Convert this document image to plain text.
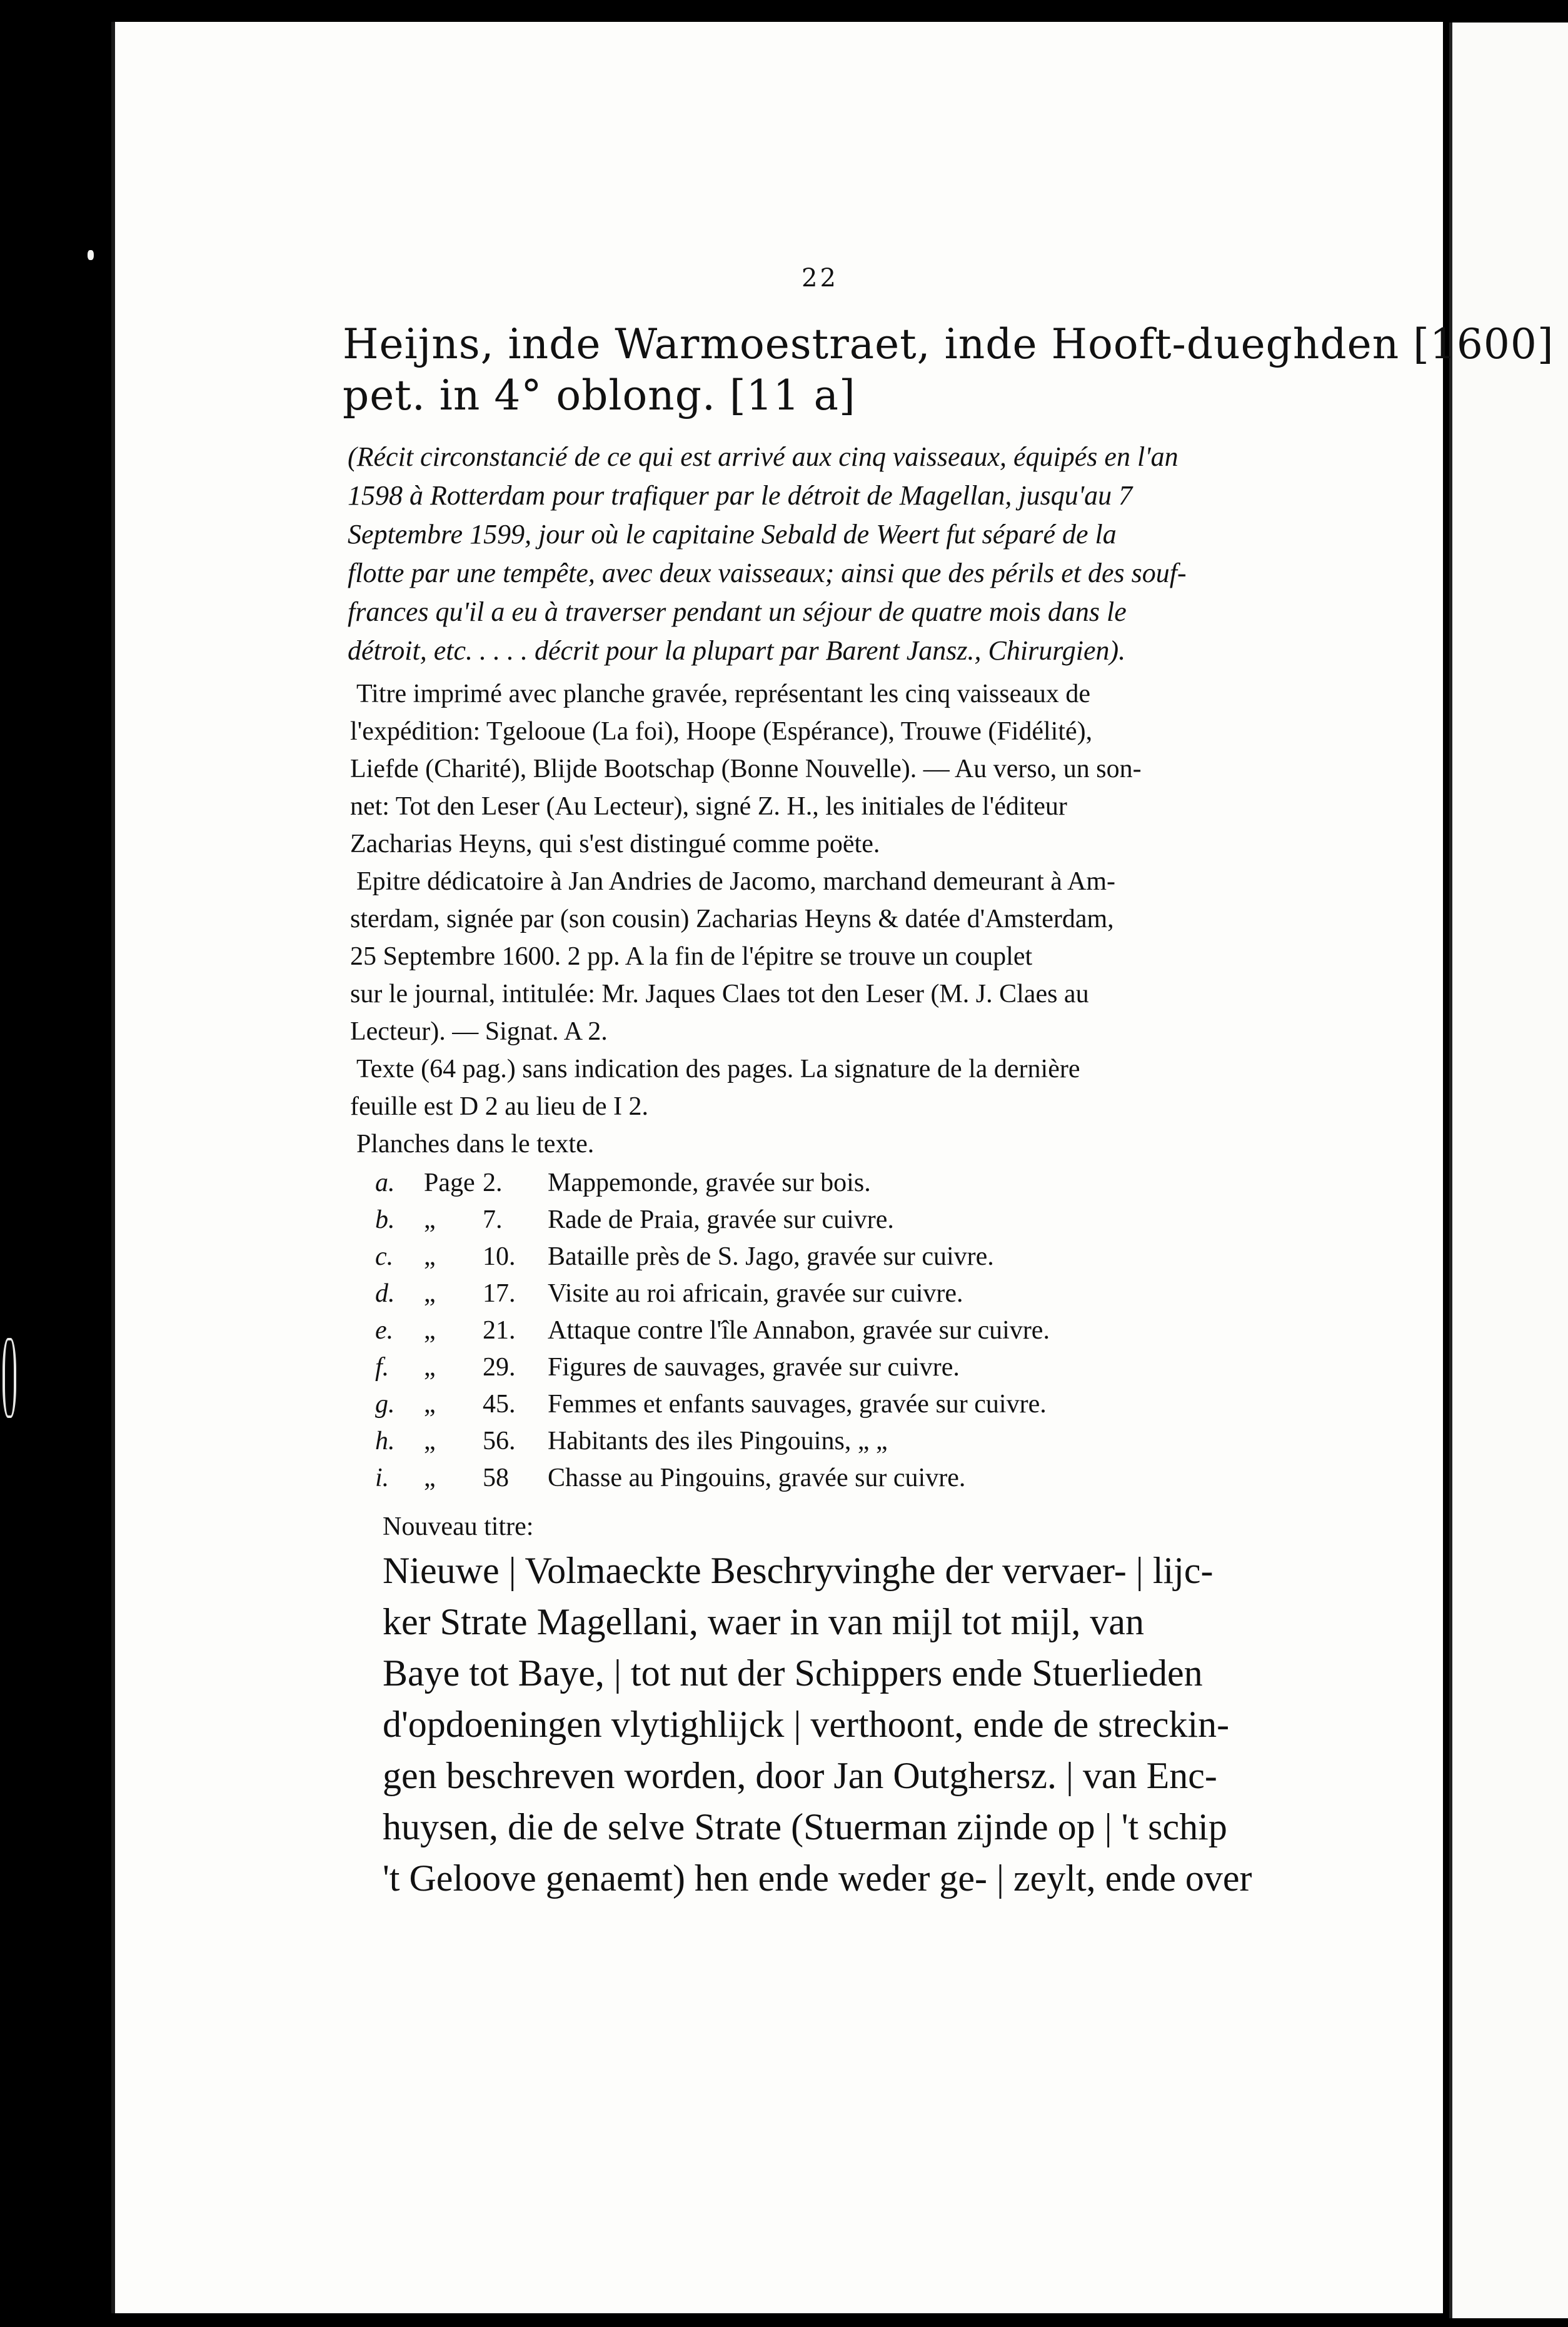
22
Heijns, inde Warmoestraet, inde Hooft-dueghden [1600]
pet. in 4° oblong. [11 a]
(Récit circonstancié de ce qui est arrivé aux cinq vaisseaux, équipés en l'an
1598 à Rotterdam pour trafiquer par le détroit de Magellan, jusqu'au 7
Septembre 1599, jour où le capitaine Sebald de Weert fut séparé de la
flotte par une tempête, avec deux vaisseaux; ainsi que des périls et des souf-
frances qu'il a eu à traverser pendant un séjour de quatre mois dans le
détroit, etc. . . . . décrit pour la plupart par Barent Jansz., Chirurgien).
Titre imprimé avec planche gravée, représentant les cinq vaisseaux de
l'expédition: Tgelooue (La foi), Hoope (Espérance), Trouwe (Fidélité),
Liefde (Charité), Blijde Bootschap (Bonne Nouvelle). — Au verso, un son-
net: Tot den Leser (Au Lecteur), signé Z. H., les initiales de l'éditeur
Zacharias Heyns, qui s'est distingué comme poëte.
Epitre dédicatoire à Jan Andries de Jacomo, marchand demeurant à Am-
sterdam, signée par (son cousin) Zacharias Heyns & datée d'Amsterdam,
25 Septembre 1600. 2 pp. A la fin de l'épitre se trouve un couplet
sur le journal, intitulée: Mr. Jaques Claes tot den Leser (M. J. Claes au
Lecteur). — Signat. A 2.
Texte (64 pag.) sans indication des pages. La signature de la dernière
feuille est D 2 au lieu de I 2.
Planches dans le texte.
a. Page 2. Mappemonde, gravée sur bois.
b. „ 7. Rade de Praia, gravée sur cuivre.
c. „ 10. Bataille près de S. Jago, gravée sur cuivre.
d. „ 17. Visite au roi africain, gravée sur cuivre.
e. „ 21. Attaque contre l'île Annabon, gravée sur cuivre.
f. „ 29. Figures de sauvages, gravée sur cuivre.
g. „ 45. Femmes et enfants sauvages, gravée sur cuivre.
h. „ 56. Habitants des iles Pingouins, „ „
i. „ 58 Chasse au Pingouins, gravée sur cuivre.
Nouveau titre:
Nieuwe | Volmaeckte Beschryvinghe der vervaer- | lijc-
ker Strate Magellani, waer in van mijl tot mijl, van
Baye tot Baye, | tot nut der Schippers ende Stuerlieden
d'opdoeningen vlytighlijck | verthoont, ende de streckin-
gen beschreven worden, door Jan Outghersz. | van Enc-
huysen, die de selve Strate (Stuerman zijnde op | 't schip
't Geloove genaemt) hen ende weder ge- | zeylt, ende over
